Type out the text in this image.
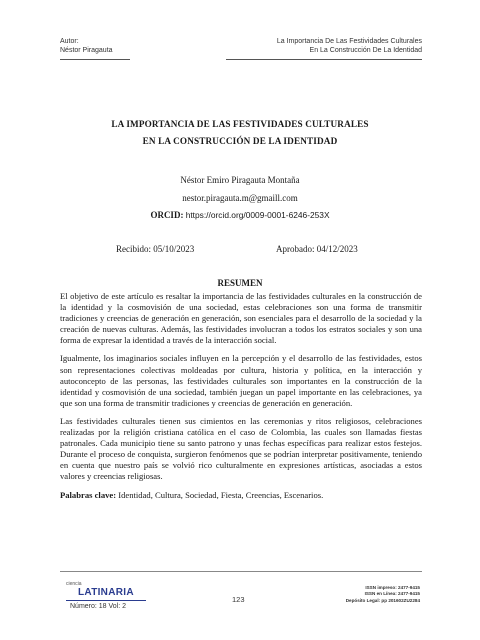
Autor:
Néstor Piragauta
La Importancia De Las Festividades Culturales
En La Construcción De La Identidad
LA IMPORTANCIA DE LAS FESTIVIDADES CULTURALES
EN LA CONSTRUCCIÓN DE LA IDENTIDAD
Néstor Emiro Piragauta Montaña
nestor.piragauta.m@gmaill.com
ORCID: https://orcid.org/0009-0001-6246-253X
Recibido: 05/10/2023	Aprobado: 04/12/2023
RESUMEN

El objetivo de este artículo es resaltar la importancia de las festividades culturales en la construcción de la identidad y la cosmovisión de una sociedad, estas celebraciones son una forma de transmitir tradiciones y creencias de generación en generación, son esenciales para el desarrollo de la sociedad y la creación de nuevas culturas. Además, las festividades involucran a todos los estratos sociales y son una forma de expresar la identidad a través de la interacción social.

Igualmente, los imaginarios sociales influyen en la percepción y el desarrollo de las festividades, estos son representaciones colectivas moldeadas por cultura, historia y política, en la interacción y autoconcepto de las personas, las festividades culturales son importantes en la construcción de la identidad y cosmovisión de una sociedad, también juegan un papel importante en las celebraciones, ya que son una forma de transmitir tradiciones y creencias de generación en generación.

Las festividades culturales tienen sus cimientos en las ceremonias y ritos religiosos, celebraciones realizadas por la religión cristiana católica en el caso de Colombia, las cuales son llamadas fiestas patronales. Cada municipio tiene su santo patrono y unas fechas específicas para realizar estos festejos. Durante el proceso de conquista, surgieron fenómenos que se podrían interpretar positivamente, teniendo en cuenta que nuestro país se volvió rico culturalmente en expresiones artísticas, asociadas a estos valores y creencias religiosas.

Palabras clave: Identidad, Cultura, Sociedad, Fiesta, Creencias, Escenarios.

ciencia
LATINARIA
Número: 18 Vol: 2
123
ISSN impreso: 2477-9415
ISSN en Línea: 2477-9415
Depósito Legal: pp 201602ZU2284
